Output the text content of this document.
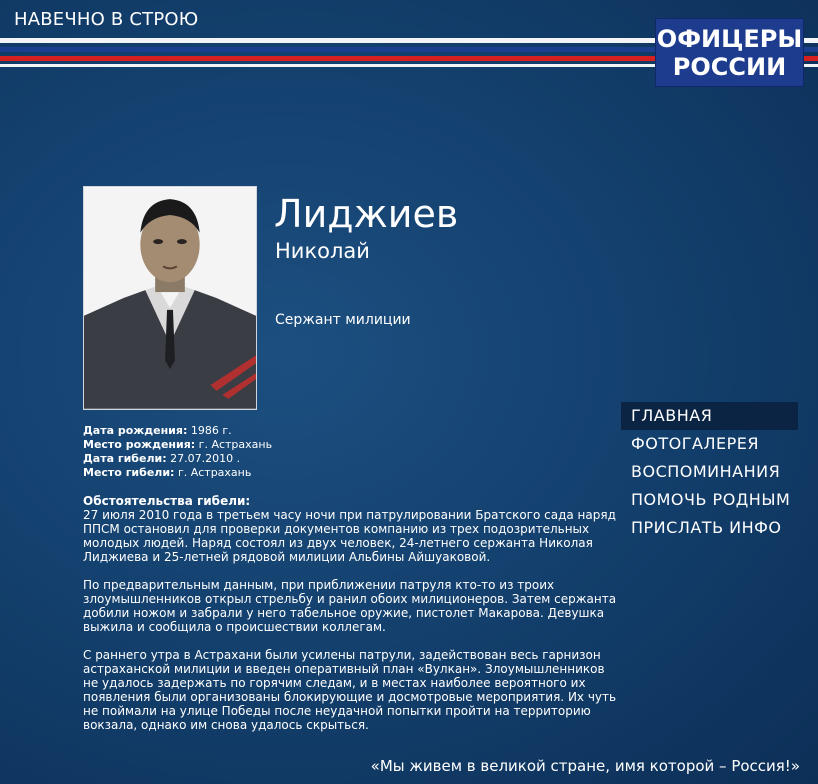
НАВЕЧНО В СТРОЮ
ОФИЦЕРЫ
РОССИИ
Лиджиев
Николай
Сержант милиции
Дата рождения: 1986 г.
Место рождения: г. Астрахань
Дата гибели: 27.07.2010 .
Место гибели: г. Астрахань

Обстоятельства гибели:
27 июля 2010 года в третьем часу ночи при патрулировании Братского сада наряд ППСМ остановил для проверки документов компанию из трех подозрительных молодых людей. Наряд состоял из двух человек, 24-летнего сержанта Николая Лиджиева и 25-летней рядовой милиции Альбины Айшуаковой.

По предварительным данным, при приближении патруля кто-то из троих злоумышленников открыл стрельбу и ранил обоих милиционеров. Затем сержанта добили ножом и забрали у него табельное оружие, пистолет Макарова. Девушка выжила и сообщила о происшествии коллегам.

С раннего утра в Астрахани были усилены патрули, задействован весь гарнизон астраханской милиции и введен оперативный план «Вулкан». Злоумышленников не удалось задержать по горячим следам, и в местах наиболее вероятного их появления были организованы блокирующие и досмотровые мероприятия. Их чуть не поймали на улице Победы после неудачной попытки пройти на территорию вокзала, однако им снова удалось скрыться.

ГЛАВНАЯ
ФОТОГАЛЕРЕЯ
ВОСПОМИНАНИЯ
ПОМОЧЬ РОДНЫМ
ПРИСЛАТЬ ИНФО
«Мы живем в великой стране, имя которой – Россия!»
